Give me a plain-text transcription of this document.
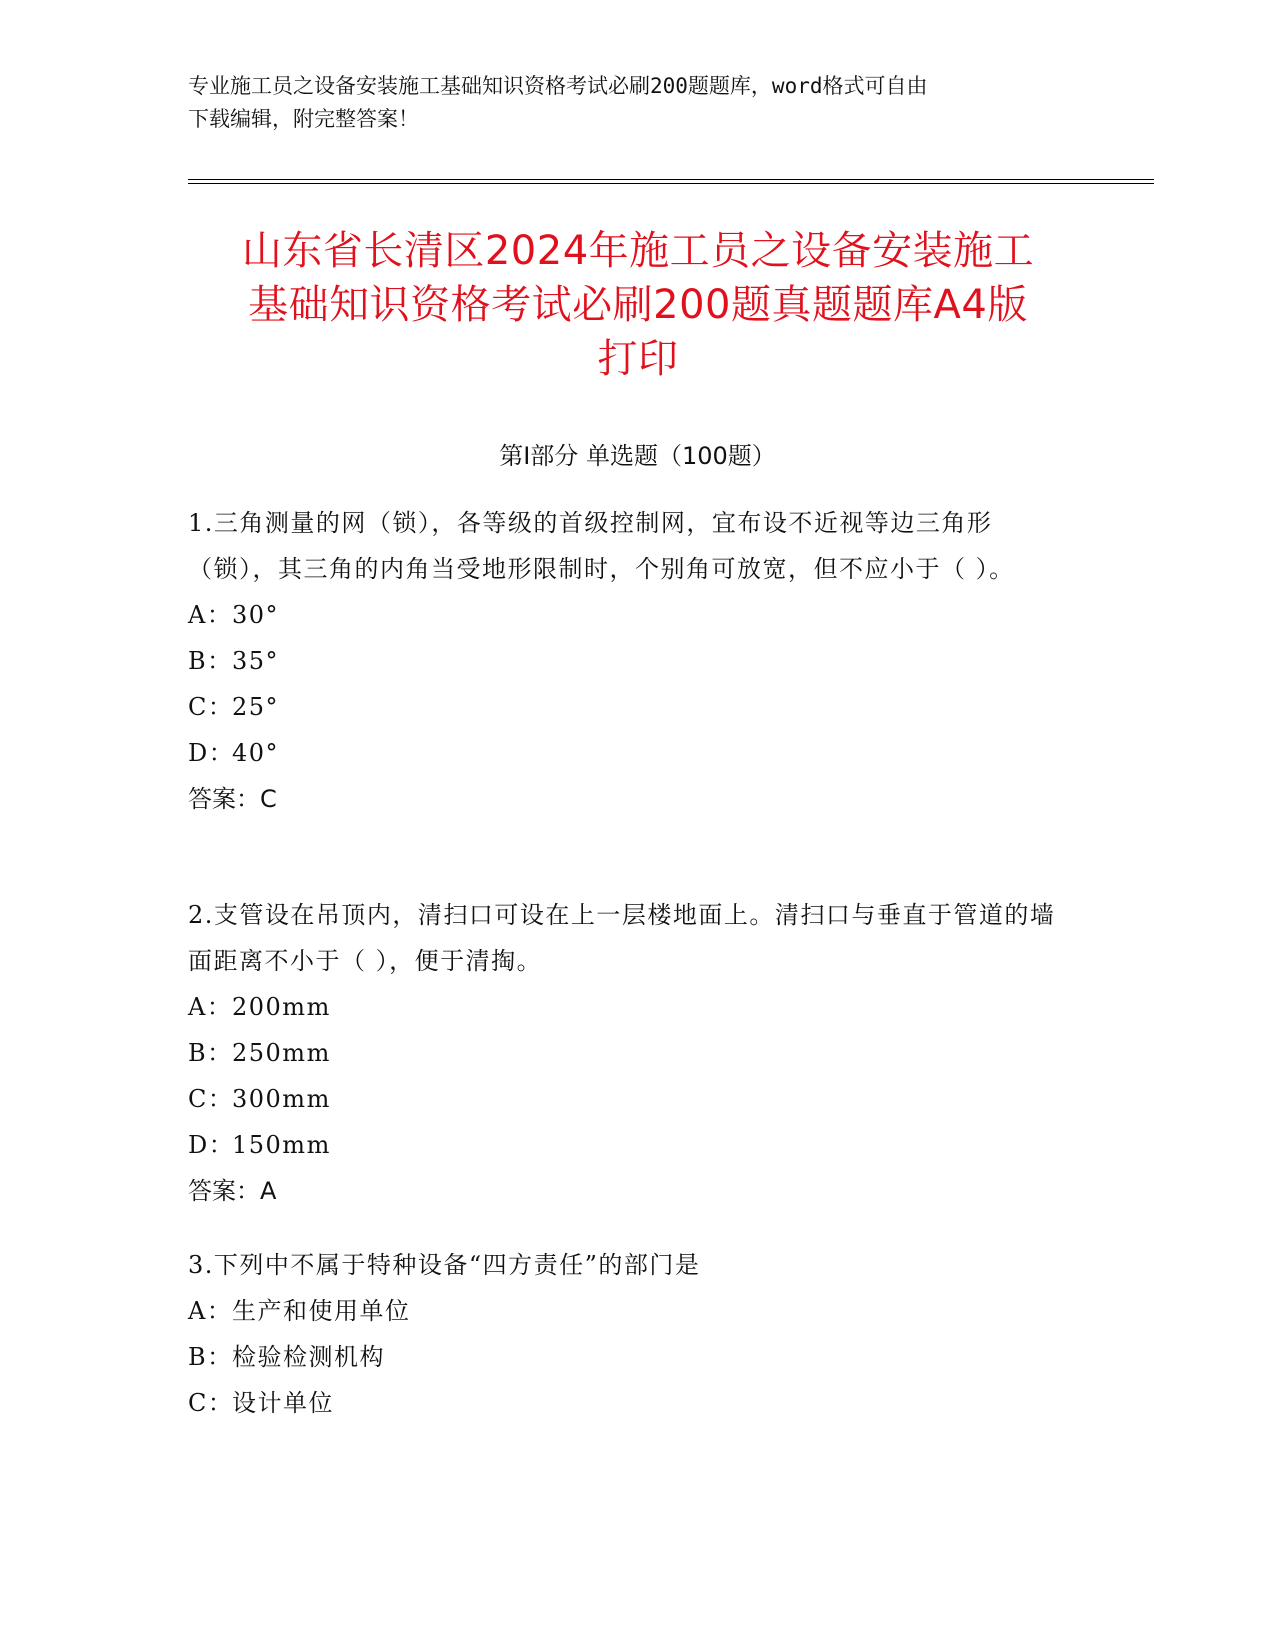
专业施工员之设备安装施工基础知识资格考试必刷200题题库，word格式可自由
下载编辑，附完整答案！
山东省长清区2024年施工员之设备安装施工
基础知识资格考试必刷200题真题题库A4版
打印
第Ⅰ部分 单选题（100题）
1.三角测量的网（锁），各等级的首级控制网，宜布设不近视等边三角形（锁），其三角的内角当受地形限制时，个别角可放宽，但不应小于（ ）。
A：30°
B：35°
C：25°
D：40°
答案：C
2.支管设在吊顶内，清扫口可设在上一层楼地面上。清扫口与垂直于管道的墙面距离不小于（ ），便于清掏。
A：200mm
B：250mm
C：300mm
D：150mm
答案：A
3.下列中不属于特种设备“四方责任”的部门是
A：生产和使用单位
B：检验检测机构
C：设计单位
